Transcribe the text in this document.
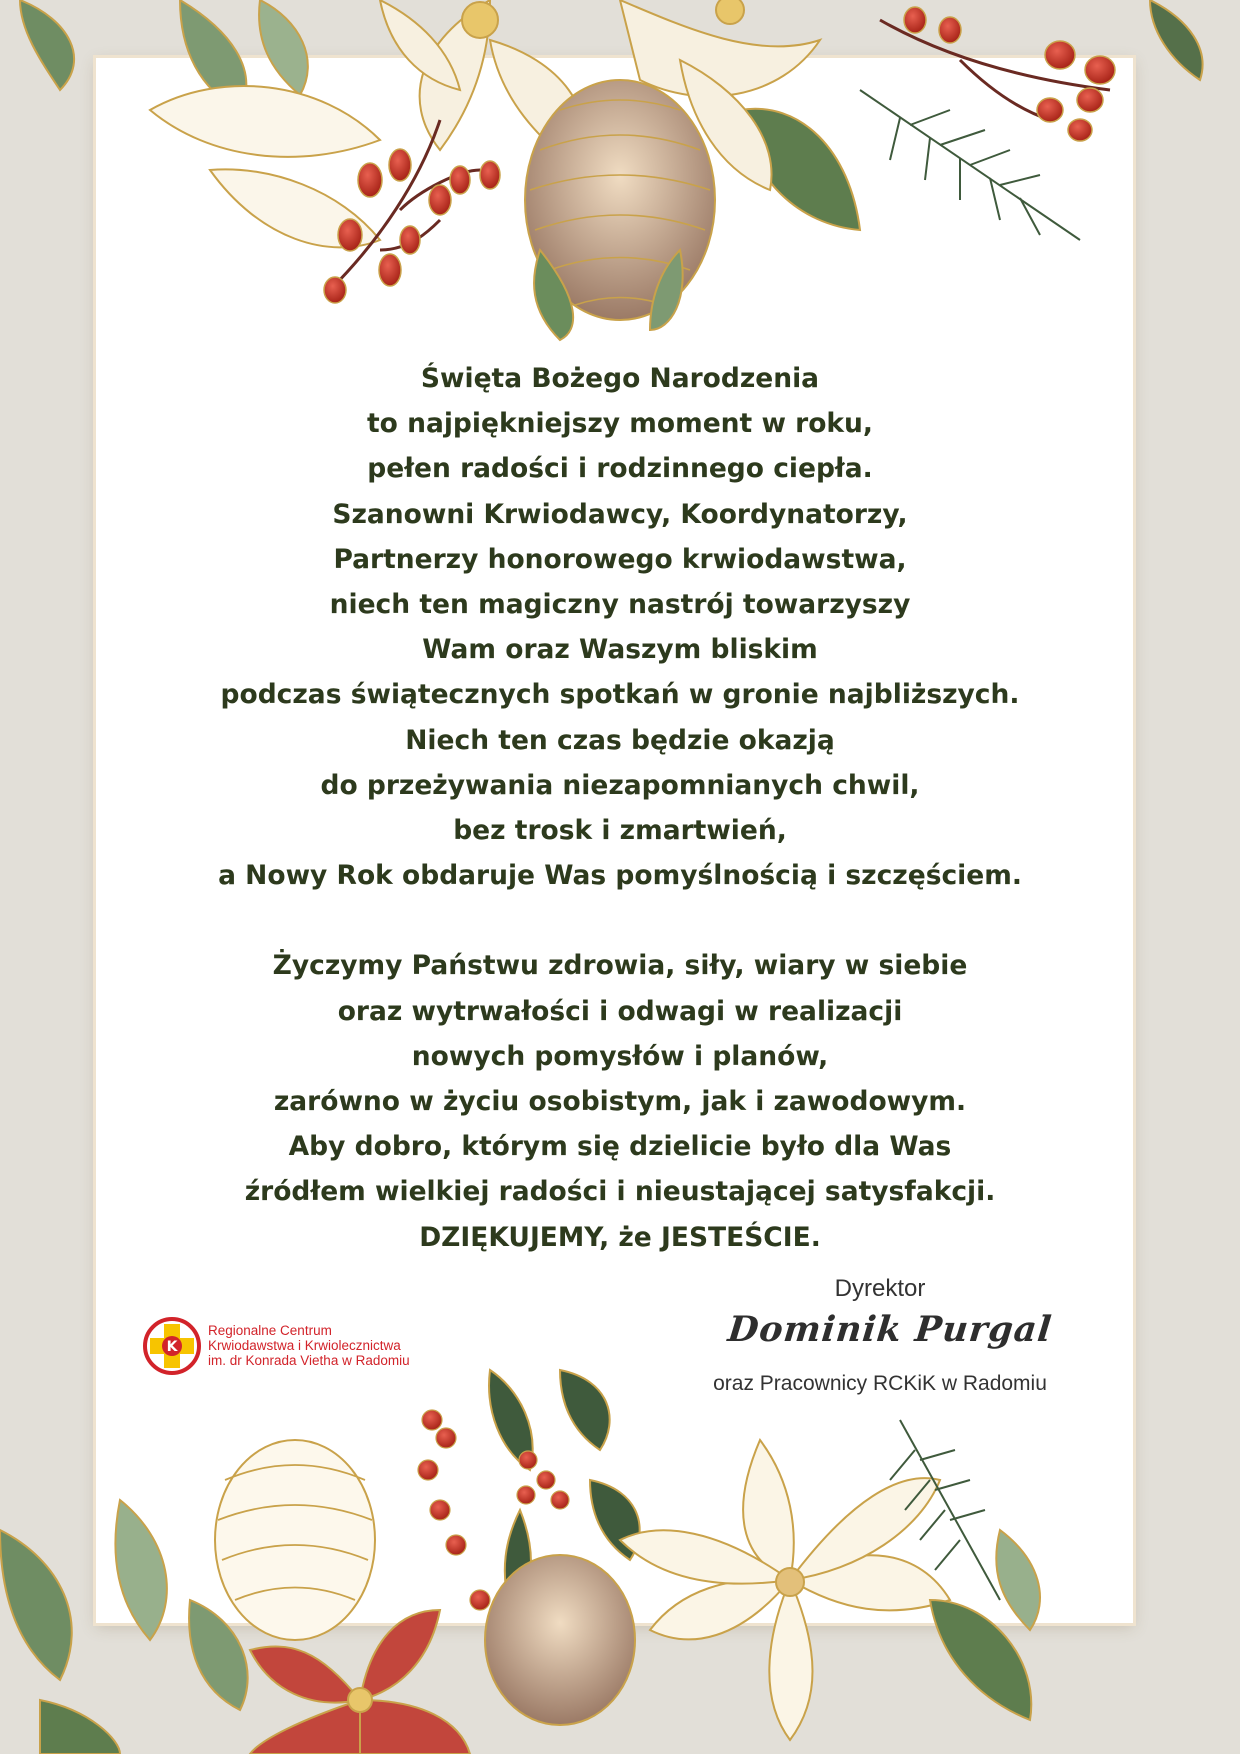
Święta Bożego Narodzenia
to najpiękniejszy moment w roku,
pełen radości i rodzinnego ciepła.
Szanowni Krwiodawcy, Koordynatorzy,
Partnerzy honorowego krwiodawstwa,
niech ten magiczny nastrój towarzyszy
Wam oraz Waszym bliskim
podczas świątecznych spotkań w gronie najbliższych.
Niech ten czas będzie okazją
do przeżywania niezapomnianych chwil,
bez trosk i zmartwień,
a Nowy Rok obdaruje Was pomyślnością i szczęściem.
Życzymy Państwu zdrowia, siły, wiary w siebie
oraz wytrwałości i odwagi w realizacji
nowych pomysłów i planów,
zarówno w życiu osobistym, jak i zawodowym.
Aby dobro, którym się dzielicie było dla Was
źródłem wielkiej radości i nieustającej satysfakcji.
DZIĘKUJEMY, że JESTEŚCIE.
Dyrektor
Dominik Purgal
oraz Pracownicy RCKiK w Radomiu
K
Regionalne Centrum
Krwiodawstwa i Krwiolecznictwa
im. dr Konrada Vietha w Radomiu
